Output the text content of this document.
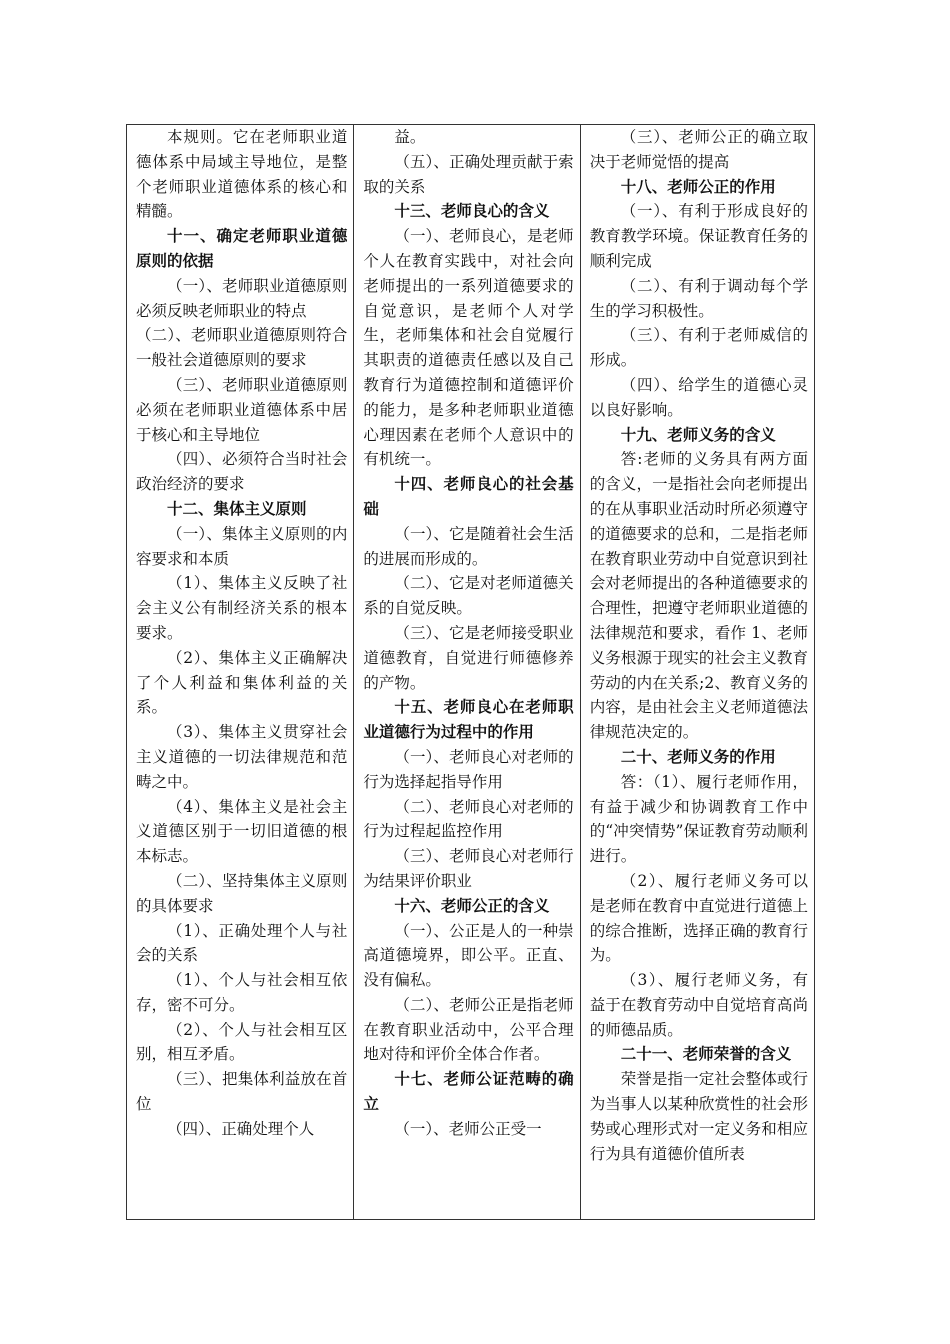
本规则。它在老师职业道德体系中局域主导地位，是整个老师职业道德体系的核心和精髓。

十一、确定老师职业道德原则的依据

（一）、老师职业道德原则必须反映老师职业的特点

（二）、老师职业道德原则符合一般社会道德原则的要求

（三）、老师职业道德原则必须在老师职业道德体系中居于核心和主导地位

（四）、必须符合当时社会政治经济的要求

十二、集体主义原则

（一）、集体主义原则的内容要求和本质

（1）、集体主义反映了社会主义公有制经济关系的根本要求。

（2）、集体主义正确解决了个人利益和集体利益的关系。

（3）、集体主义贯穿社会主义道德的一切法律规范和范畴之中。

（4）、集体主义是社会主义道德区别于一切旧道德的根本标志。

（二）、坚持集体主义原则的具体要求

（1）、正确处理个人与社会的关系

（1）、个人与社会相互依存，密不可分。

（2）、个人与社会相互区别，相互矛盾。

（三）、把集体利益放在首位

（四）、正确处理个人

益。

（五）、正确处理贡献于索取的关系

十三、老师良心的含义

（一）、老师良心，是老师个人在教育实践中，对社会向老师提出的一系列道德要求的自觉意识，是老师个人对学生，老师集体和社会自觉履行其职责的道德责任感以及自己教育行为道德控制和道德评价的能力，是多种老师职业道德心理因素在老师个人意识中的有机统一。

十四、老师良心的社会基础

（一）、它是随着社会生活的进展而形成的。

（二）、它是对老师道德关系的自觉反映。

（三）、它是老师接受职业道德教育，自觉进行师德修养的产物。

十五、老师良心在老师职业道德行为过程中的作用

（一）、老师良心对老师的行为选择起指导作用

（二）、老师良心对老师的行为过程起监控作用

（三）、老师良心对老师行为结果评价职业

十六、老师公正的含义

（一）、公正是人的一种崇高道德境界，即公平。正直、没有偏私。

（二）、老师公正是指老师在教育职业活动中，公平合理地对待和评价全体合作者。

十七、老师公证范畴的确立

（一）、老师公正受一

（三）、老师公正的确立取决于老师觉悟的提高

十八、老师公正的作用

（一）、有利于形成良好的教育教学环境。保证教育任务的顺利完成

（二）、有利于调动每个学生的学习积极性。

（三）、有利于老师威信的形成。

（四）、给学生的道德心灵以良好影响。

十九、老师义务的含义

答:老师的义务具有两方面的含义，一是指社会向老师提出的在从事职业活动时所必须遵守的道德要求的总和，二是指老师在教育职业劳动中自觉意识到社会对老师提出的各种道德要求的合理性，把遵守老师职业道德的法律规范和要求，看作 1、老师义务根源于现实的社会主义教育劳动的内在关系;2、教育义务的内容，是由社会主义老师道德法律规范决定的。

二十、老师义务的作用

答：（1）、履行老师作用，有益于减少和协调教育工作中的“冲突情势”保证教育劳动顺利进行。

（2）、履行老师义务可以是老师在教育中直觉进行道德上的综合推断，选择正确的教育行为。

（3）、履行老师义务，有益于在教育劳动中自觉培育高尚的师德品质。

二十一、老师荣誉的含义

荣誉是指一定社会整体或行为当事人以某种欣赏性的社会形势或心理形式对一定义务和相应行为具有道德价值所表
